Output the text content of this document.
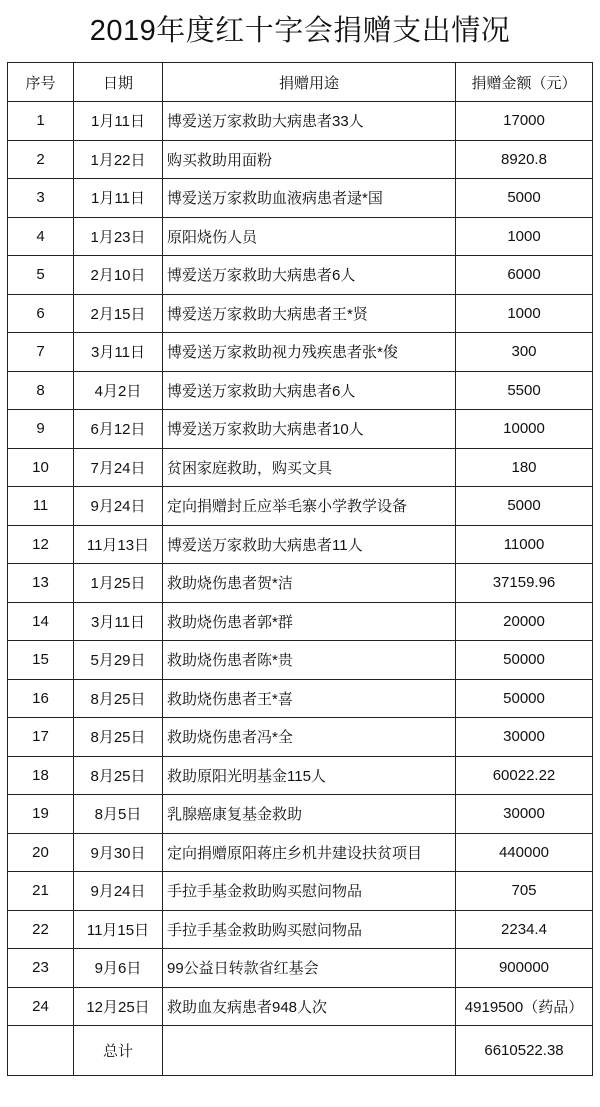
2019年度红十字会捐赠支出情况
序号	日期	捐赠用途	捐赠金额（元）
1	1月11日	博爱送万家救助大病患者33人	17000
2	1月22日	购买救助用面粉	8920.8
3	1月11日	博爱送万家救助血液病患者逯*国	5000
4	1月23日	原阳烧伤人员	1000
5	2月10日	博爱送万家救助大病患者6人	6000
6	2月15日	博爱送万家救助大病患者王*贤	1000
7	3月11日	博爱送万家救助视力残疾患者张*俊	300
8	4月2日	博爱送万家救助大病患者6人	5500
9	6月12日	博爱送万家救助大病患者10人	10000
10	7月24日	贫困家庭救助，购买文具	180
11	9月24日	定向捐赠封丘应举毛寨小学教学设备	5000
12	11月13日	博爱送万家救助大病患者11人	11000
13	1月25日	救助烧伤患者贺*洁	37159.96
14	3月11日	救助烧伤患者郭*群	20000
15	5月29日	救助烧伤患者陈*贵	50000
16	8月25日	救助烧伤患者王*喜	50000
17	8月25日	救助烧伤患者冯*全	30000
18	8月25日	救助原阳光明基金115人	60022.22
19	8月5日	乳腺癌康复基金救助	30000
20	9月30日	定向捐赠原阳蒋庄乡机井建设扶贫项目	440000
21	9月24日	手拉手基金救助购买慰问物品	705
22	11月15日	手拉手基金救助购买慰问物品	2234.4
23	9月6日	99公益日转款省红基会	900000
24	12月25日	救助血友病患者948人次	4919500（药品）
	总计		6610522.38
